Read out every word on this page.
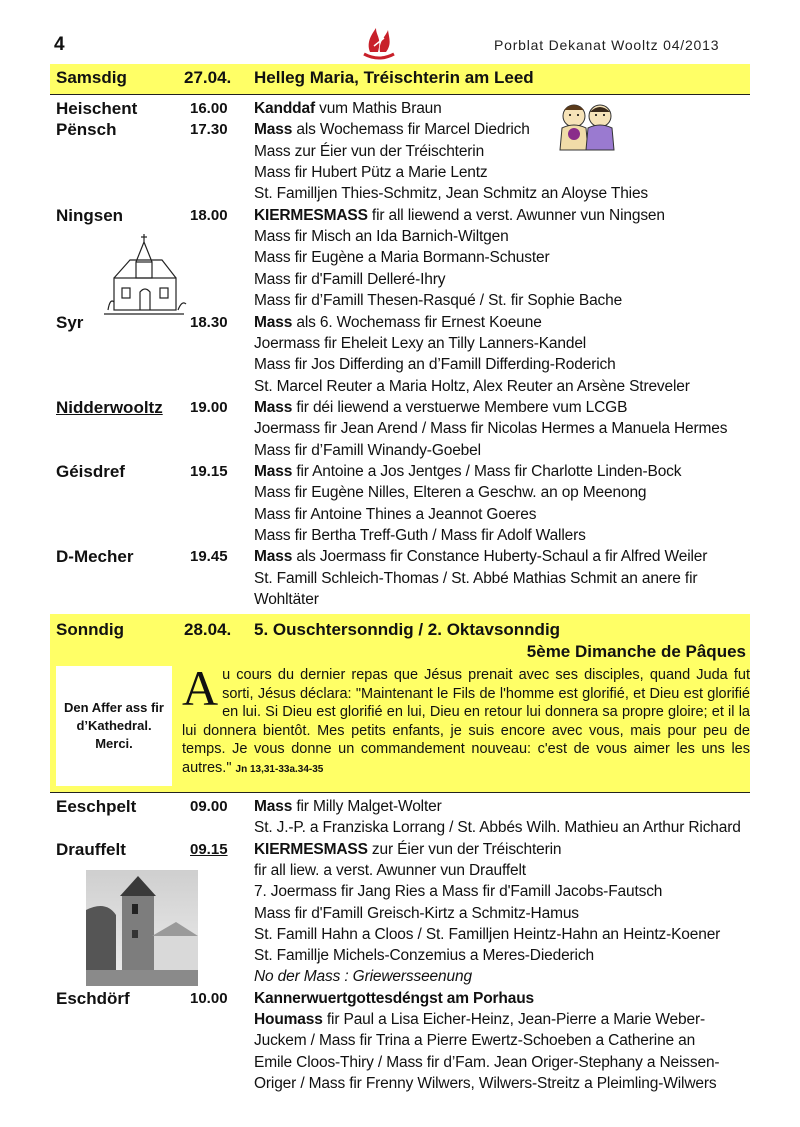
4	Porblat Dekanat Wooltz 04/2013
Samsdig	27.04. Helleg Maria, Tréischterin am Leed
Heischent	16.00 Kanddaf vum Mathis Braun
Pënsch	17.30 Mass als Wochemass fir Marcel Diedrich
Mass zur Éier vun der Tréischterin
Mass fir Hubert Pütz a Marie Lentz
St. Familljen Thies-Schmitz, Jean Schmitz an Aloyse Thies
Ningsen	18.00 KIERMESMASS fir all liewend a verst. Awunner vun Ningsen
Mass fir Misch an Ida Barnich-Wiltgen
Mass fir Eugène a Maria Bormann-Schuster
Mass fir d'Famill Delleré-Ihry
Mass fir d’Famill Thesen-Rasqué / St. fir Sophie Bache
Syr	18.30 Mass als 6. Wochemass fir Ernest Koeune
Joermass fir Eheleit Lexy an Tilly Lanners-Kandel
Mass fir Jos Differding an d’Famill Differding-Roderich
St. Marcel Reuter a Maria Holtz, Alex Reuter an Arsène Streveler
Nidderwooltz 19.00 Mass fir déi liewend a verstuerwe Membere vum LCGB
Joermass fir Jean Arend / Mass fir Nicolas Hermes a Manuela Hermes
Mass fir d’Famill Winandy-Goebel
Géisdref	19.15 Mass fir Antoine a Jos Jentges / Mass fir Charlotte Linden-Bock
Mass fir Eugène Nilles, Elteren a Geschw. an op Meenong
Mass fir Antoine Thines a Jeannot Goeres
Mass fir Bertha Treff-Guth / Mass fir Adolf Wallers
D-Mecher	19.45 Mass als Joermass fir Constance Huberty-Schaul a fir Alfred Weiler
St. Famill Schleich-Thomas / St. Abbé Mathias Schmit an anere fir
Wohltäter
Sonndig	28.04. 5. Ouschtersonndig / 2. Oktavsonndig
5ème Dimanche de Pâques
Den Affer ass fir d’Kathedral. Merci.
Au cours du dernier repas que Jésus prenait avec ses disciples, quand Juda fut sorti, Jésus déclara: "Maintenant le Fils de l'homme est glorifié, et Dieu est glorifié en lui. Si Dieu est glorifié en lui, Dieu en retour lui donnera sa propre gloire; et il la lui donnera bientôt. Mes petits enfants, je suis encore avec vous, mais pour peu de temps. Je vous donne un commandement nouveau: c'est de vous aimer les uns les autres." Jn 13,31-33a.34-35
Eeschpelt	09.00 Mass fir Milly Malget-Wolter
St. J.-P. a Franziska Lorrang / St. Abbés Wilh. Mathieu an Arthur Richard
Drauffelt	09.15 KIERMESMASS zur Éier vun der Tréischterin
fir all liew. a verst. Awunner vun Drauffelt
7. Joermass fir Jang Ries a Mass fir d'Famill Jacobs-Fautsch
Mass fir d'Famill Greisch-Kirtz a Schmitz-Hamus
St. Famill Hahn a Cloos / St. Familljen Heintz-Hahn an Heintz-Koener
St. Famillje Michels-Conzemius a Meres-Diederich
No der Mass : Griewersseenung
Eschdörf	10.00 Kannerwuertgottesdéngst am Porhaus
Houmass fir Paul a Lisa Eicher-Heinz, Jean-Pierre a Marie Weber-
Juckem / Mass fir Trina a Pierre Ewertz-Schoeben a Catherine an
Emile Cloos-Thiry / Mass fir d’Fam. Jean Origer-Stephany a Neissen-
Origer / Mass fir Frenny Wilwers, Wilwers-Streitz a Pleimling-Wilwers
